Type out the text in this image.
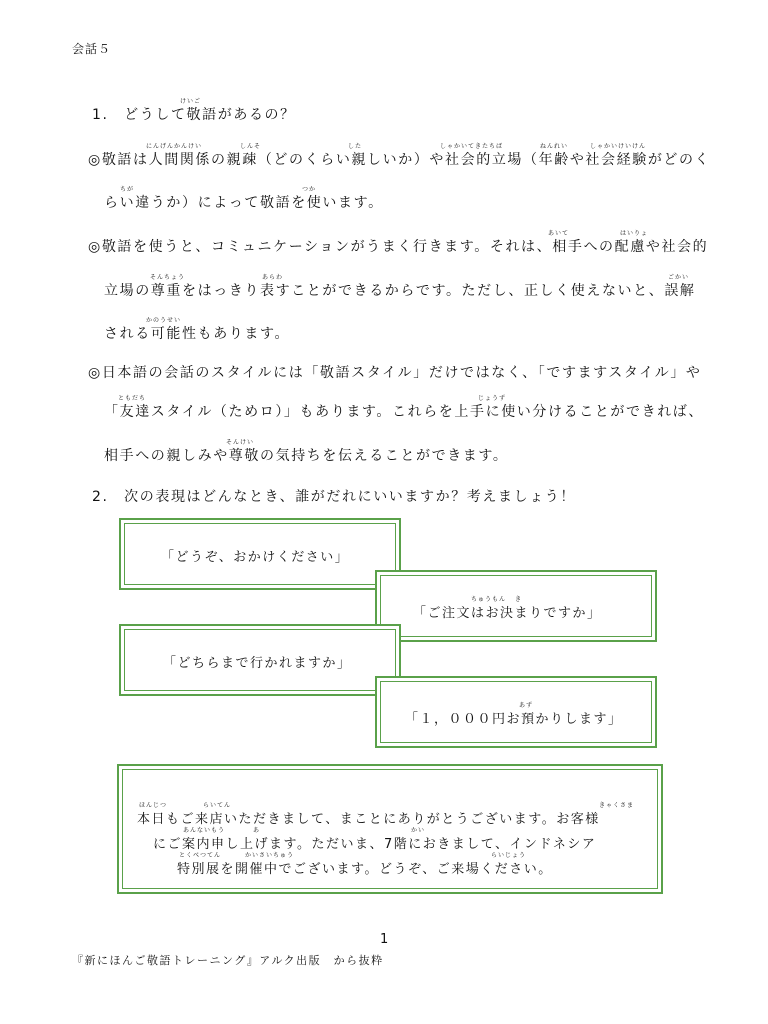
会話５
けいご
1.　どうして敬語があるの？
にんげんかんけい	しんそ	した	しゃかいてきたちば	ねんれい	しゃかいけいけん
◎敬語は人間関係の親疎（どのくらい親しいか）や社会的立場（年齢や社会経験がどのく
ちが	つか
らい違うか）によって敬語を使います。
あいて	はいりょ
◎敬語を使うと、コミュニケーションがうまく行きます。それは、相手への配慮や社会的
そんちょう	あらわ	ごかい
立場の尊重をはっきり表すことができるからです。ただし、正しく使えないと、誤解
かのうせい
される可能性もあります。
◎日本語の会話のスタイルには「敬語スタイル」だけではなく、「ですますスタイル」や
ともだち	じょうず
「友達スタイル（ためロ）」もあります。これらを上手に使い分けることができれば、
そんけい
相手への親しみや尊敬の気持ちを伝えることができます。
2.　次の表現はどんなとき、誰がだれにいいますか？考えましょう！
「どうぞ、おかけください」
ちゅうもん き
「ご注文はお決まりですか」
「どちらまで行かれますか」
あず
「１，０００円お預かりします」
ほんじつ	らいてん	きゃくさま
本日もご来店いただきまして、まことにありがとうございます。お客様
あんないもう	あ	かい
にご案内申し上げます。ただいま、7階におきまして、インドネシア
とくべつてん	かいさいちゅう	らいじょう
特別展を開催中でございます。どうぞ、ご来場ください。
1
『新にほんご敬語トレーニング』アルク出版　から抜粋
